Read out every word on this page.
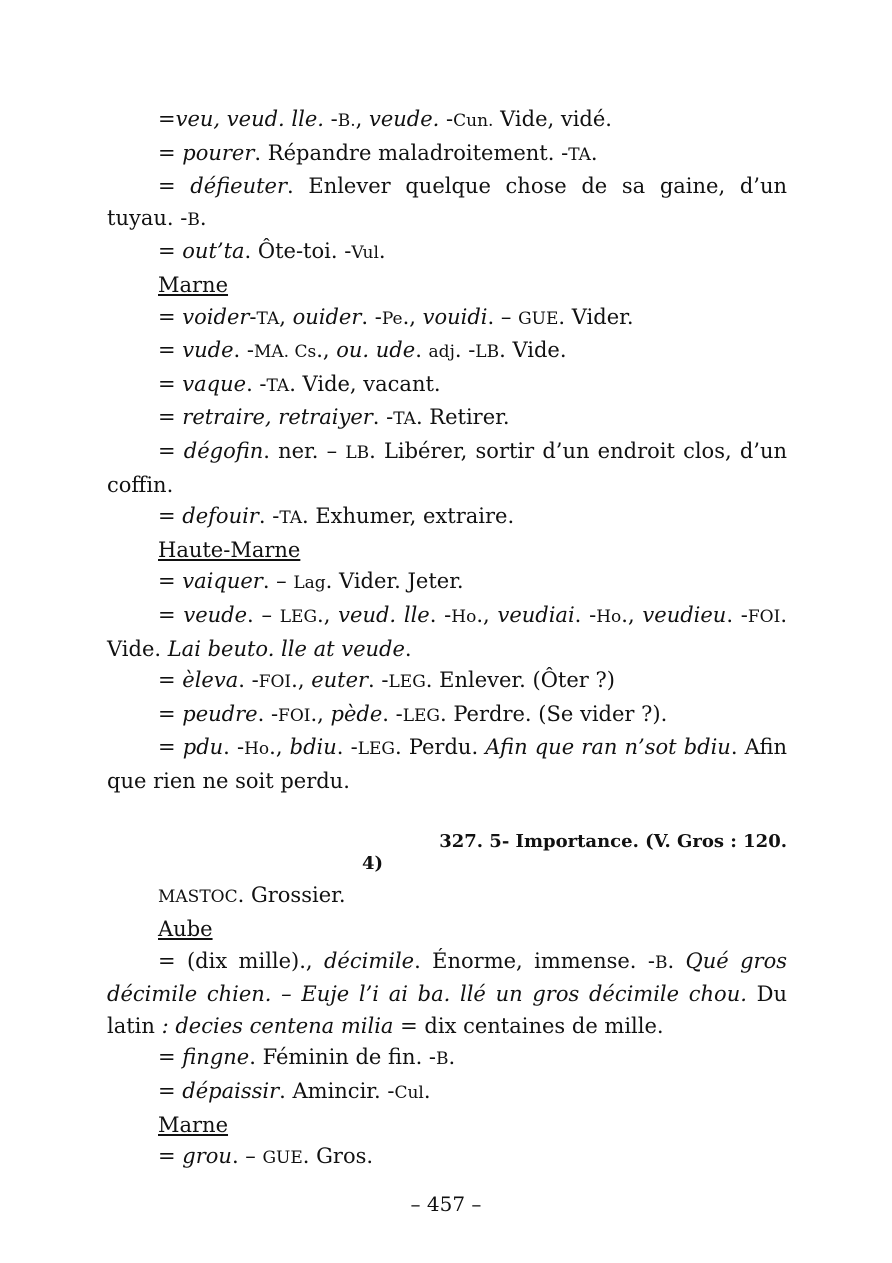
=veu, veud. lle. -B., veude. -Cun. Vide, vidé.

= pourer. Répandre maladroitement. -TA.

= défieuter. Enlever quelque chose de sa gaine, d’un tuyau. -B.

= out’ta. Ôte-toi. -Vul.

Marne

= voider-TA, ouider. -Pe., vouidi. – GUE. Vider.

= vude. -MA. Cs., ou. ude. adj. -LB. Vide.

= vaque. -TA. Vide, vacant.

= retraire, retraiyer. -TA. Retirer.

= dégofin. ner. – LB. Libérer, sortir d’un endroit clos, d’un coffin.

= defouir. -TA. Exhumer, extraire.

Haute-Marne

= vaiquer. – Lag. Vider. Jeter.

= veude. – LEG., veud. lle. -Ho., veudiai. -Ho., veudieu. -FOI. Vide. Lai beuto. lle at veude.

= èleva. -FOI., euter. -LEG. Enlever. (Ôter ?)

= peudre. -FOI., pède. -LEG. Perdre. (Se vider ?).

= pdu. -Ho., bdiu. -LEG. Perdu. Afin que ran n’sot bdiu. Afin que rien ne soit perdu.

327. 5- Importance. (V. Gros : 120.
4)

MASTOC. Grossier.

Aube

= (dix mille)., décimile. Énorme, immense. -B. Qué gros décimile chien. – Euje l’i ai ba. llé un gros décimile chou. Du latin : decies centena milia = dix centaines de mille.

= fingne. Féminin de fin. -B.

= dépaissir. Amincir. -Cul.

Marne

= grou. – GUE. Gros.

– 457 –
